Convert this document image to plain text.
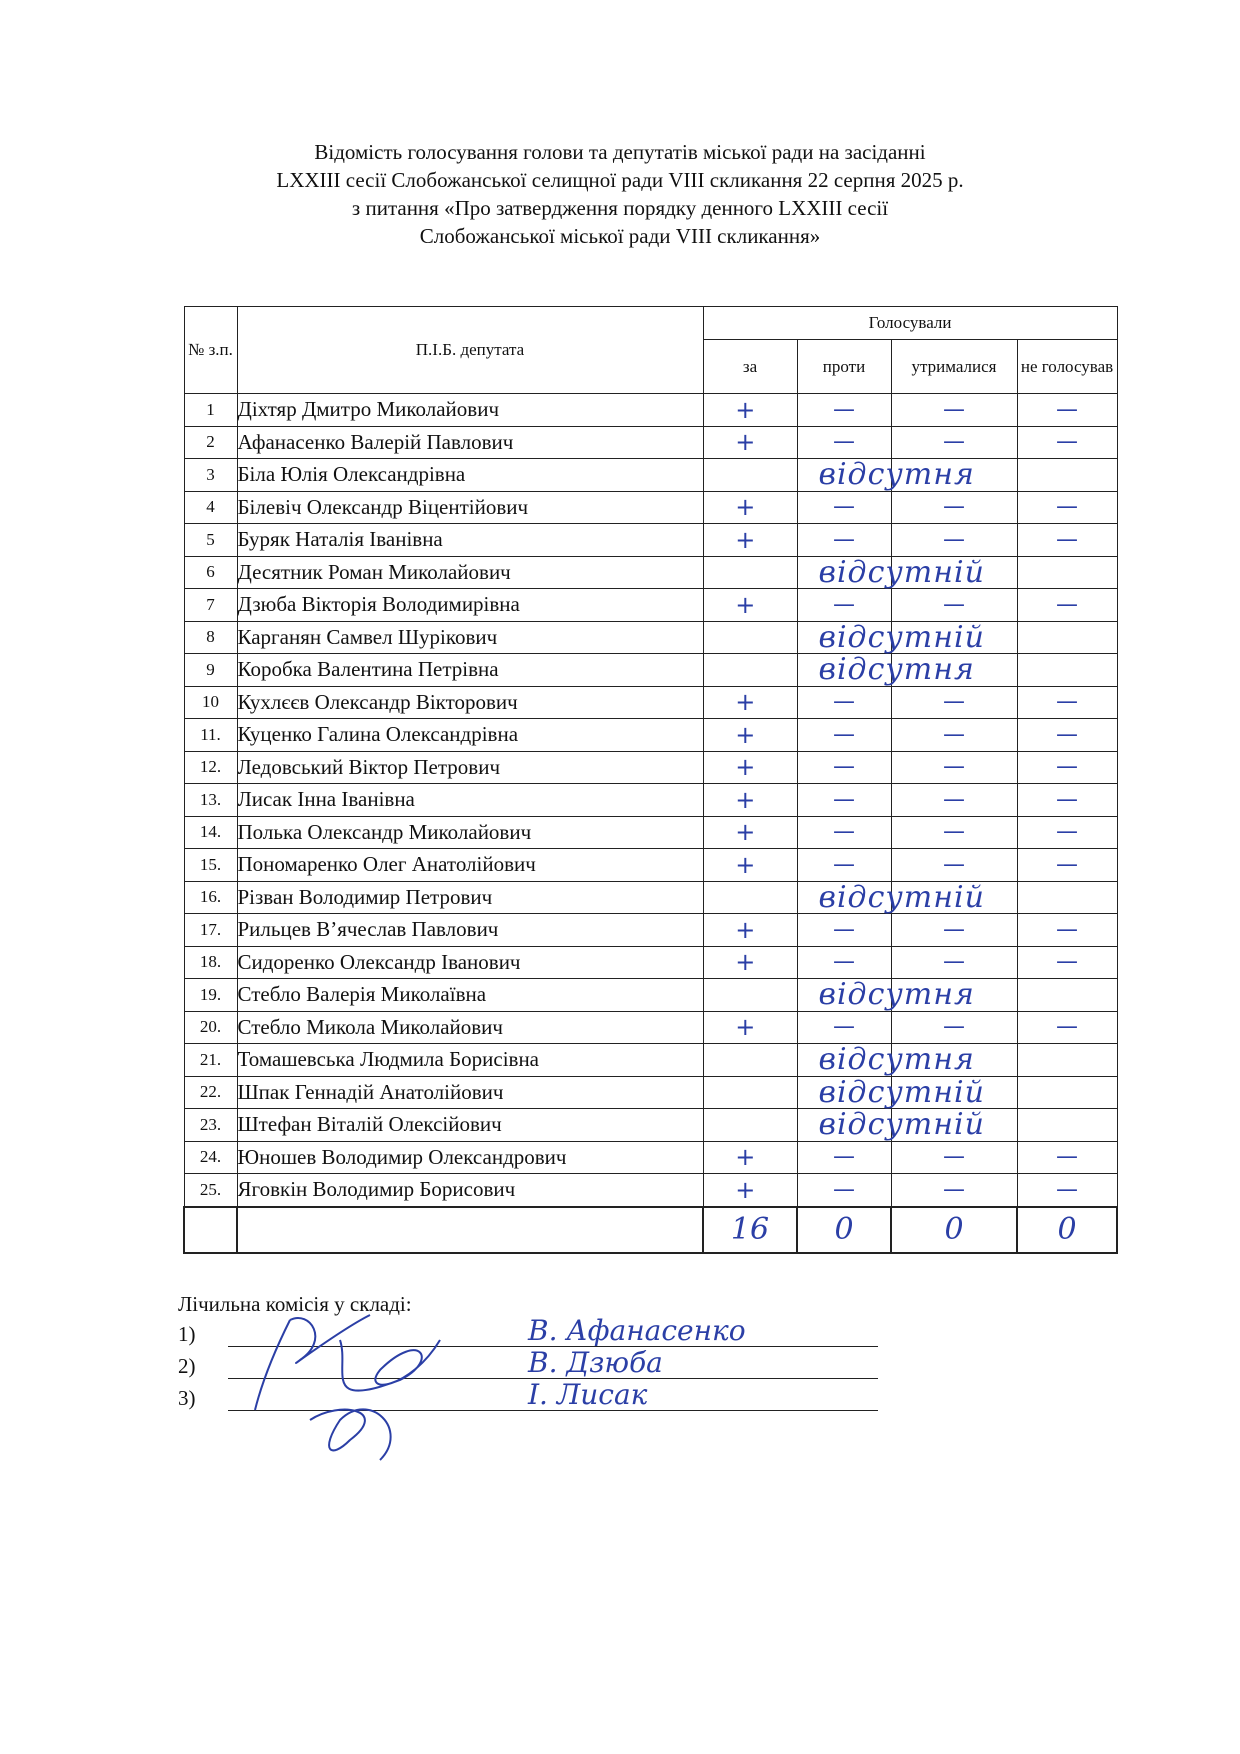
Відомість голосування голови та депутатів міської ради на засіданні
LXXIII сесії Слобожанської селищної ради VIII скликання 22 серпня 2025 р.
з питання «Про затвердження порядку денного LXXIII сесії
Слобожанської міської ради VIII скликання»
№ з.п.	П.І.Б. депутата	Голосували			
		за	проти	утрималися	не голосував
1	Діхтяр Дмитро Миколайович	+	—	—	—

2	Афанасенко Валерій Павлович	+	—	—	—

3	Біла Юлія Олександрівна	відсутня			

4	Білевіч Олександр Віцентійович	+	—	—	—

5	Буряк Наталія Іванівна	+	—	—	—

6	Десятник Роман Миколайович	відсутній			

7	Дзюба Вікторія Володимирівна	+	—	—	—

8	Карганян Самвел Шурікович	відсутній			

9	Коробка Валентина Петрівна	відсутня			

10	Кухлєєв Олександр Вікторович	+	—	—	—

11.	Куценко Галина Олександрівна	+	—	—	—

12.	Ледовський Віктор Петрович	+	—	—	—

13.	Лисак Інна Іванівна	+	—	—	—

14.	Полька Олександр Миколайович	+	—	—	—

15.	Пономаренко Олег Анатолійович	+	—	—	—

16.	Різван Володимир Петрович	відсутній			

17.	Рильцев В’ячеслав Павлович	+	—	—	—

18.	Сидоренко Олександр Іванович	+	—	—	—

19.	Стебло Валерія Миколаївна	відсутня			

20.	Стебло Микола Миколайович	+	—	—	—

21.	Томашевська Людмила Борисівна	відсутня			

22.	Шпак Геннадій Анатолійович	відсутній			

23.	Штефан Віталій Олексійович	відсутній			

24.	Юношев Володимир Олександрович	+	—	—	—

25.	Яговкін Володимир Борисович	+	—	—	—

		16	0	0	0
Лічильна комісія у складі:
1)	В. Афанасенко
2)	В. Дзюба
3)	І. Лисак
